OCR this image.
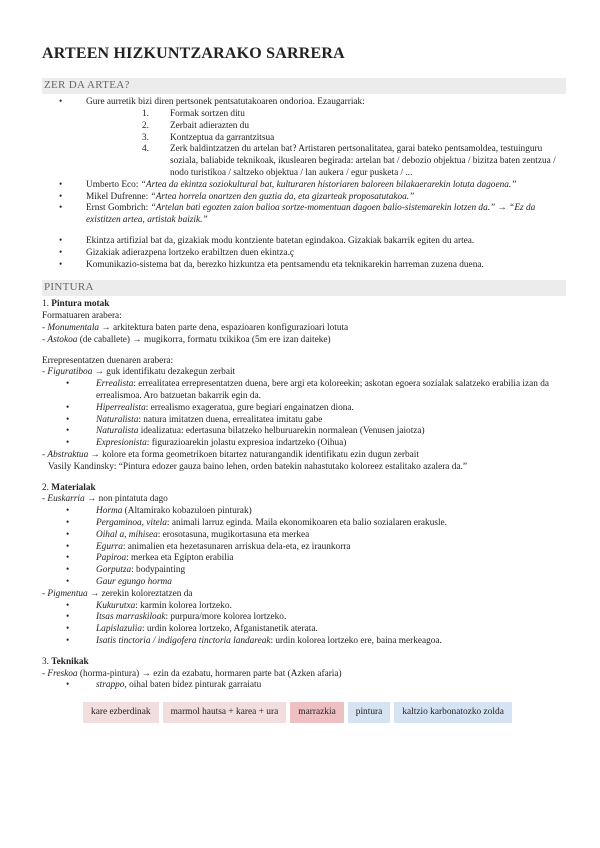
ARTEEN HIZKUNTZARAKO SARRERA
ZER DA ARTEA?
• Gure aurretik bizi diren pertsonek pentsatutakoaren ondorioa. Ezaugarriak:
1. Formak sortzen ditu
2. Zerbait adierazten du
3. Kontzeptua da garrantzitsua
4. Zerk baldintzatzen du artelan bat? Artistaren pertsonalitatea, garai bateko pentsamoldea, testuinguru soziala, baliabide teknikoak, ikuslearen begirada: artelan bat / debozio objektua / bizitza baten zentzua / nodo turistikoa / saltzeko objektua / lan aukera / egur pusketa / ...
• Umberto Eco: “Artea da ekintza soziokultural bat, kulturaren historiaren baloreen bilakaerarekin lotuta dagoena.”
• Mikel Dufrenne: “Artea horrela onartzen den guztia da, eta gizarteak proposatutakoa.”
• Ernst Gombrich: “Artelan bati egozten zaion balioa sortze-momentuan dagoen balio-sistemarekin lotzen da.” → “Ez da existitzen artea, artistak baizik.”
• Ekintza artifizial bat da, gizakiak modu kontziente batetan egindakoa. Gizakiak bakarrik egiten du artea.
• Gizakiak adierazpena lortzeko erabiltzen duen ekintza.ç
• Komunikazio-sistema bat da, berezko hizkuntza eta pentsamendu eta teknikarekin harreman zuzena duena.
PINTURA

1. Pintura motak

Formatuaren arabera:

- Monumentala → arkitektura baten parte dena, espazioaren konfigurazioari lotuta

- Astokoa (de caballete) → mugikorra, formatu txikikoa (5m ere izan daiteke)

Errepresentatzen duenaren arabera:

- Figuratiboa → guk identifikatu dezakegun zerbait

• Errealista: errealitatea errepresentatzen duena, bere argi eta koloreekin; askotan egoera sozialak salatzeko erabilia izan da errealismoa. Aro batzuetan bakarrik egin da.
• Hiperrealista: errealismo exageratua, gure begiari engainatzen diona.
• Naturalista: natura imitatzen duena, errealitatea imitatu gabe
• Naturalista idealizatua: edertasuna bilatzeko helburuarekin normalean (Venusen jaiotza)
• Expresionista: figurazioarekin jolastu expresioa indartzeko (Oihua)

- Abstraktua → kolore eta forma geometrikoen bitartez naturangandik identifikatu ezin dugun zerbait

Vasily Kandinsky: “Pintura edozer gauza baino lehen, orden batekin nahastutako koloreez estalitako azalera da.”

2. Materialak

- Euskarria → non pintatuta dago

• Horma (Altamirako kobazuloen pinturak)
• Pergaminoa, vitela: animali larruz eginda. Maila ekonomikoaren eta balio sozialaren erakusle.
• Oihal a, mihisea: erosotasuna, mugikortasuna eta merkea
• Egurra: animalien eta hezetasunaren arriskua dela-eta, ez iraunkorra
• Papiroa: merkea eta Egipton erabilia
• Gorputza: bodypainting
• Gaur egungo horma

- Pigmentua → zerekin koloreztatzen da

• Kukurutxa: karmin kolorea lortzeko.
• Itsas marraskiloak: purpura/more kolorea lortzeko.
• Lapislazulia: urdin kolorea lortzeko, Afganistanetik aterata.
• Isatis tinctoria / indigofera tinctoria landareak: urdin kolorea lortzeko ere, baina merkeagoa.

3. Teknikak

- Freskoa (horma-pintura) → ezin da ezabatu, hormaren parte bat (Azken afaria)

• strappo, oihal baten bidez pinturak garraiatu
kare ezberdinak	marmol hautsa + karea + ura	marrazkia	pintura	kaltzio karbonatozko zolda
